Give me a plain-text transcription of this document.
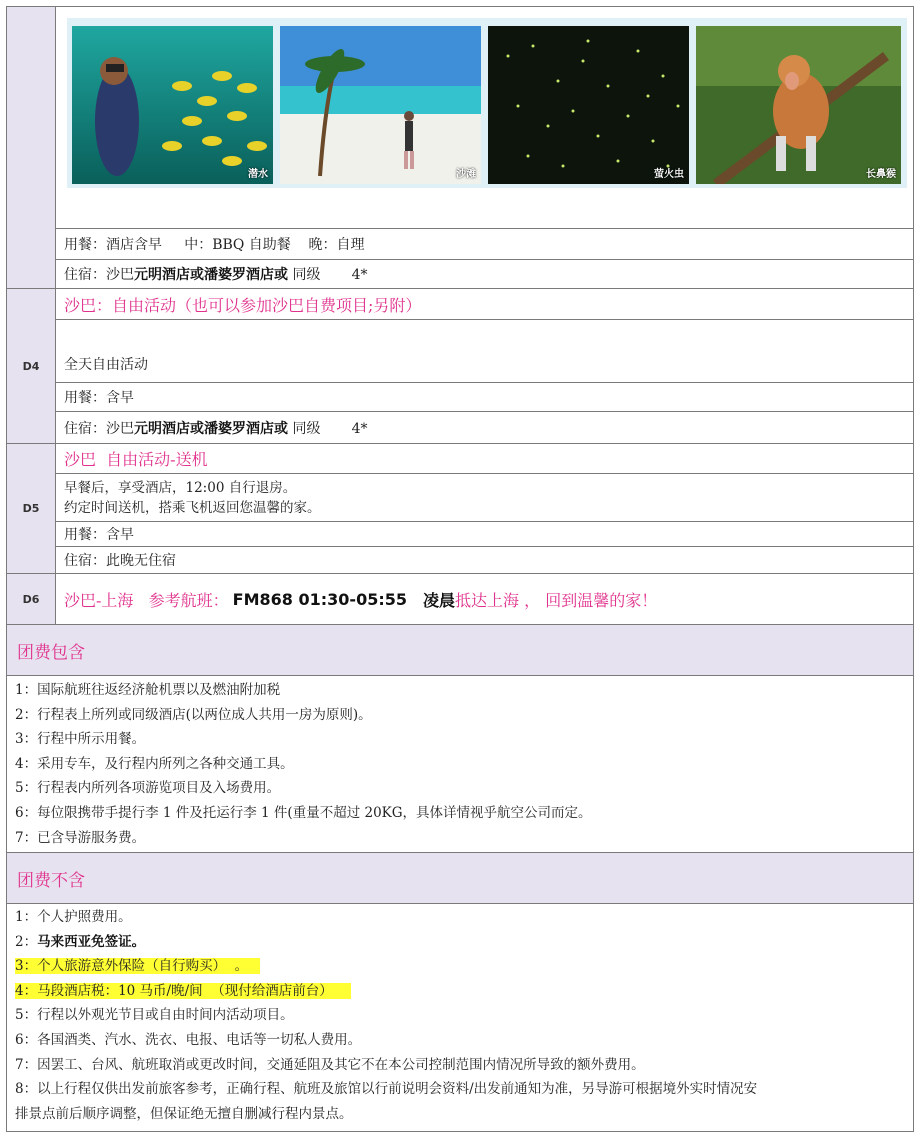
潜水	沙滩	萤火虫	长鼻猴
用餐：酒店含早     中：BBQ 自助餐    晚：自理
住宿：沙巴 元明酒店或潘婆罗酒店或 同级       4*
D4
沙巴：自由活动（也可以参加沙巴自费项目;另附）
全天自由活动
用餐：含早
住宿：沙巴 元明酒店或潘婆罗酒店或 同级       4*
D5
沙巴  自由活动-送机
早餐后，享受酒店，12:00 自行退房。
约定时间送机，搭乘飞机返回您温馨的家。
用餐：含早
住宿：此晚无住宿
D6 沙巴-上海   参考航班： FM868 01:30-05:55 凌晨 抵达上海 ， 回到温馨的家！
团费包含
1：国际航班往返经济舱机票以及燃油附加税
2：行程表上所列或同级酒店(以两位成人共用一房为原则)。
3：行程中所示用餐。
4：采用专车，及行程内所列之各种交通工具。
5：行程表内所列各项游览项目及入场费用。
6：每位限携带手提行李 1 件及托运行李 1 件(重量不超过 20KG，具体详情视乎航空公司而定。
7：已含导游服务费。
团费不含
1：个人护照费用。
2：马来西亚免签证。
3：个人旅游意外保险（自行购买）  。
4：马段酒店税：10 马币/晚/间  （现付给酒店前台）
5：行程以外观光节目或自由时间内活动项目。
6：各国酒类、汽水、洗衣、电报、电话等一切私人费用。
7：因罢工、台风、航班取消或更改时间，交通延阻及其它不在本公司控制范围内情况所导致的额外费用。
8：以上行程仅供出发前旅客参考，正确行程、航班及旅馆以行前说明会资料/出发前通知为准，另导游可根据境外实时情况安
排景点前后顺序调整，但保证绝无擅自删减行程内景点。
